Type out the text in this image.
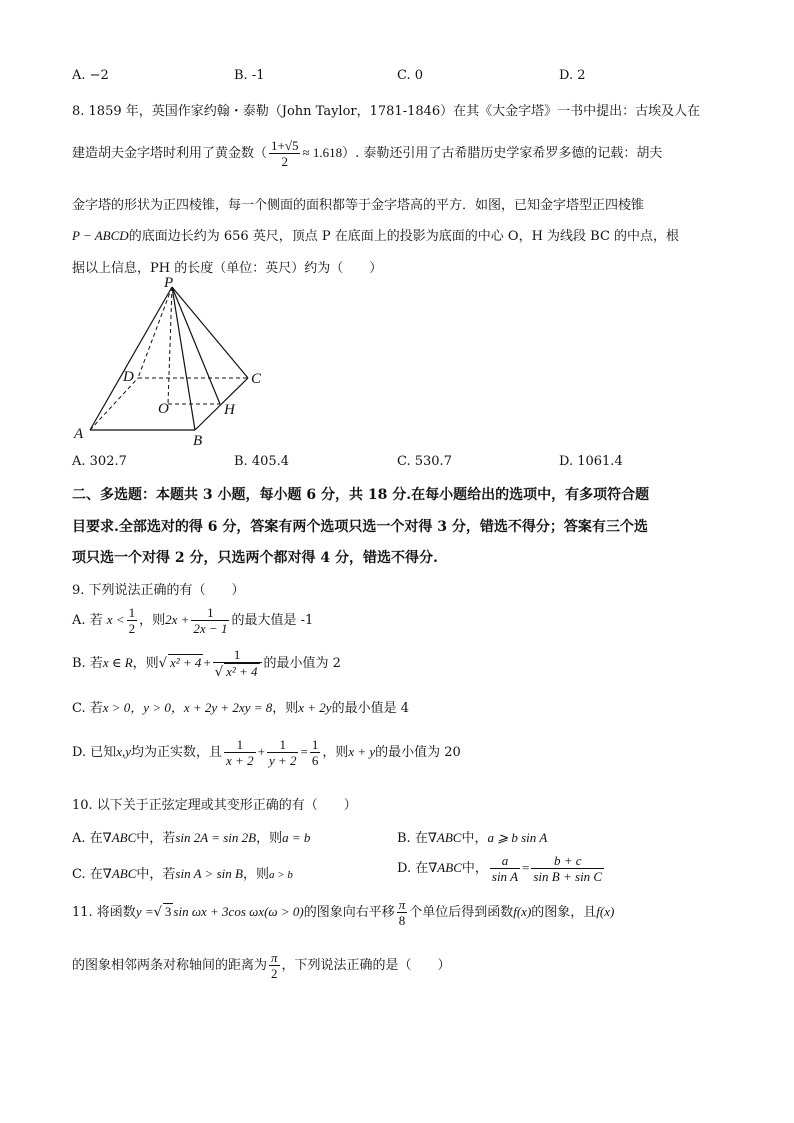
A. −2	B. -1	C. 0	D. 2
8. 1859 年，英国作家约翰・泰勒（John Taylor，1781-1846）在其《大金字塔》一书中提出：古埃及人在
建造胡夫金字塔时利用了黄金数（ $\frac{1+√5}{2} \approx 1.618$）. 泰勒还引用了古希腊历史学家希罗多德的记载：胡夫
金字塔的形状为正四棱锥，每一个侧面的面积都等于金字塔高的平方．如图，已知金字塔型正四棱锥
P − ABCD的底面边长约为 656 英尺，顶点 P 在底面上的投影为底面的中心 O，H 为线段 BC 的中点，根
据以上信息，PH 的长度（单位：英尺）约为（　　）
P
D	C
O	H
A	B
A. 302.7	B. 405.4	C. 530.7	D. 1061.4
二、多选题：本题共 3 小题，每小题 6 分，共 18 分.在每小题给出的选项中，有多项符合题
目要求.全部选对的得 6 分，答案有两个选项只选一个对得 3 分，错选不得分；答案有三个选
项只选一个对得 2 分，只选两个都对得 4 分，错选不得分.
9. 下列说法正确的有（　　）
A. 若 $x < \frac{1}{2}$ ，则$2x + \frac{1}{2x - 1}$ 的最大值是 -1
B. 若x ∈ R，则√ $x^2 + 4 + \frac{1}{\text{√ x² + 4}}$ 的最小值为 2
C. 若x > 0，y > 0，x + 2y + 2xy = 8，则x + 2y的最小值是 4
D. 已知x,y均为正实数，且 $\frac{1}{x + 2} + \frac{1}{y + 2} = \frac{1}{6}$ ，则x + y的最小值为 20
10. 以下关于正弦定理或其变形正确的有（　　）
A. 在∇ABC中，若sin 2A = sin 2B，则a = b	B. 在∇ABC中，a ⩾ b sin A
C. 在∇ABC中，若sin A > sin B，则a > b	D. 在∇ABC中， $\frac{a}{\text{sin A}} = \frac{b + c}{\text{sin B + sin C}}$
11. 将函数y =√ 3 sin ωx + 3cos ωx(ω > 0)的图象向右平移 $\frac{\pi}{8}$ 个单位后得到函数f(x)的图象，且f(x)
的图象相邻两条对称轴间的距离为 $\frac{\pi}{2}$ ，下列说法正确的是（　　）
